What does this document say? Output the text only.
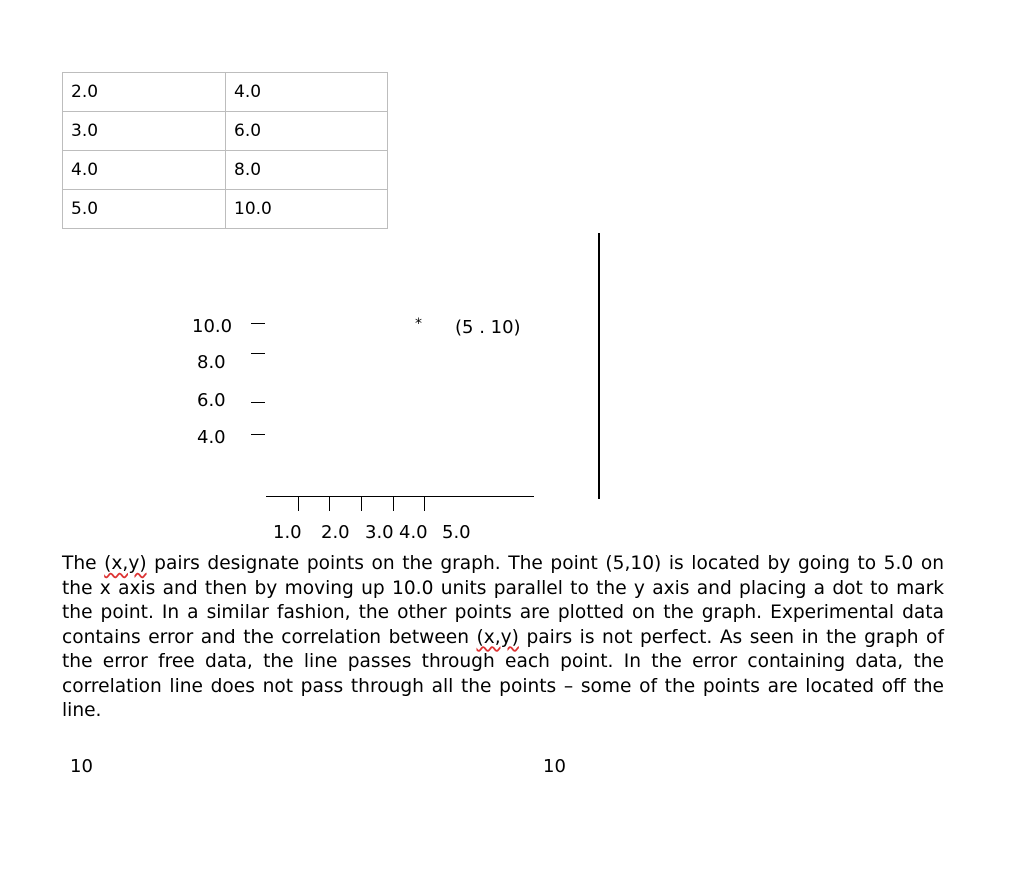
2.0	4.0
3.0	6.0
4.0	8.0
5.0	10.0
10.0
8.0
6.0
4.0
* (5 . 10)
1.0 2.0 3.0 4.0 5.0
The (x,y) pairs designate points on the graph. The point (5,10) is located by going to 5.0 on the x axis and then by moving up 10.0 units parallel to the y axis and placing a dot to mark the point. In a similar fashion, the other points are plotted on the graph. Experimental data contains error and the correlation between (x,y) pairs is not perfect. As seen in the graph of the error free data, the line passes through each point. In the error containing data, the correlation line does not pass through all the points – some of the points are located off the line.
10	10
